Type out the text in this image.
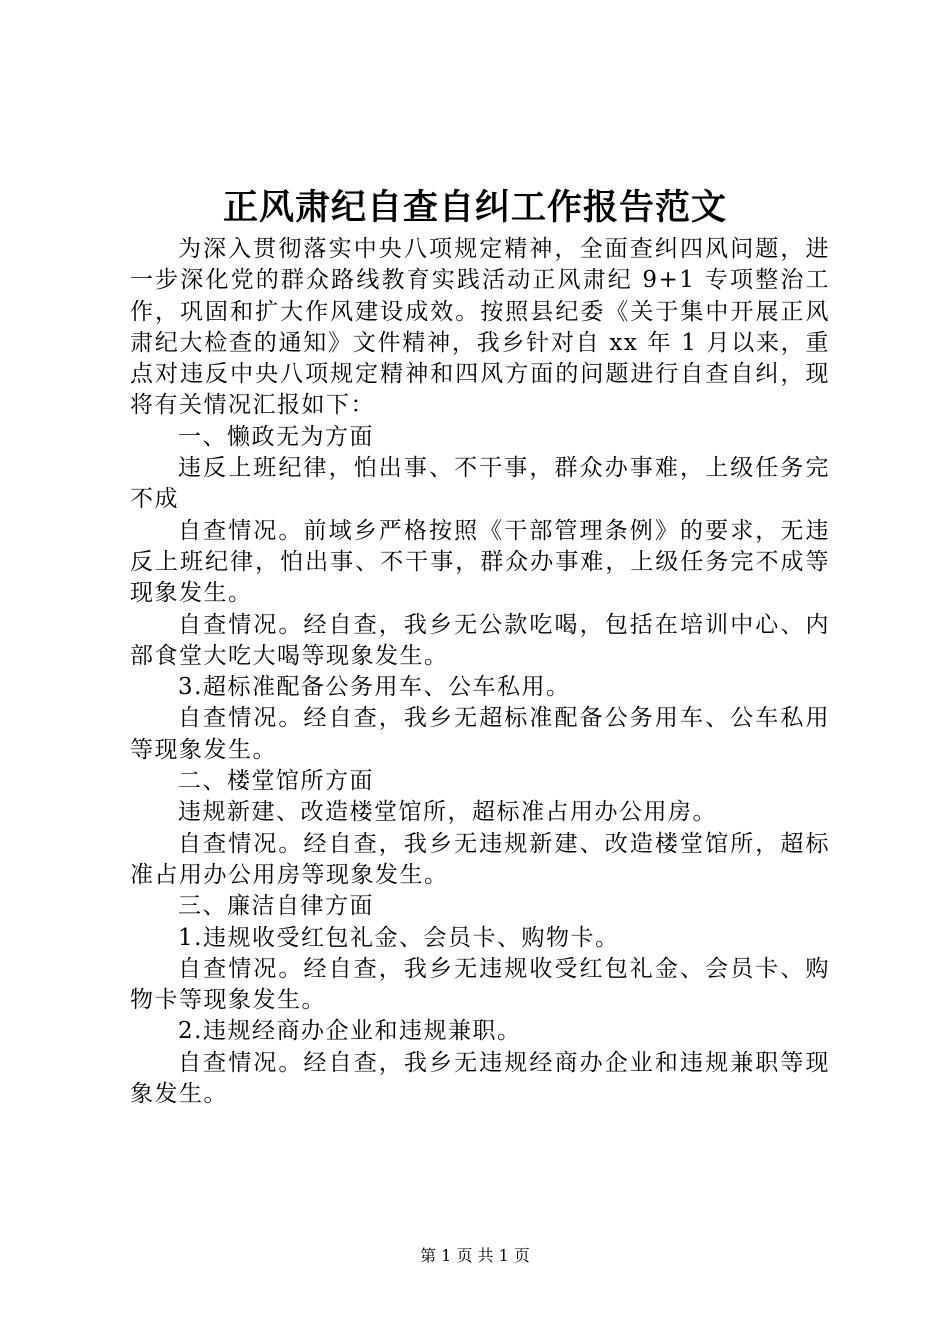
正风肃纪自查自纠工作报告范文

为深入贯彻落实中央八项规定精神，全面查纠四风问题，进一步深化党的群众路线教育实践活动正风肃纪 9+1 专项整治工作，巩固和扩大作风建设成效。按照县纪委《关于集中开展正风肃纪大检查的通知》文件精神，我乡针对自 xx 年 1 月以来，重点对违反中央八项规定精神和四风方面的问题进行自查自纠，现将有关情况汇报如下：

一、懒政无为方面

违反上班纪律，怕出事、不干事，群众办事难，上级任务完不成

自查情况。前域乡严格按照《干部管理条例》的要求，无违反上班纪律，怕出事、不干事，群众办事难，上级任务完不成等现象发生。

自查情况。经自查，我乡无公款吃喝，包括在培训中心、内部食堂大吃大喝等现象发生。

3.超标准配备公务用车、公车私用。

自查情况。经自查，我乡无超标准配备公务用车、公车私用等现象发生。

二、楼堂馆所方面

违规新建、改造楼堂馆所，超标准占用办公用房。

自查情况。经自查，我乡无违规新建、改造楼堂馆所，超标准占用办公用房等现象发生。

三、廉洁自律方面

1.违规收受红包礼金、会员卡、购物卡。

自查情况。经自查，我乡无违规收受红包礼金、会员卡、购物卡等现象发生。

2.违规经商办企业和违规兼职。

自查情况。经自查，我乡无违规经商办企业和违规兼职等现象发生。

第 1 页 共 1 页
